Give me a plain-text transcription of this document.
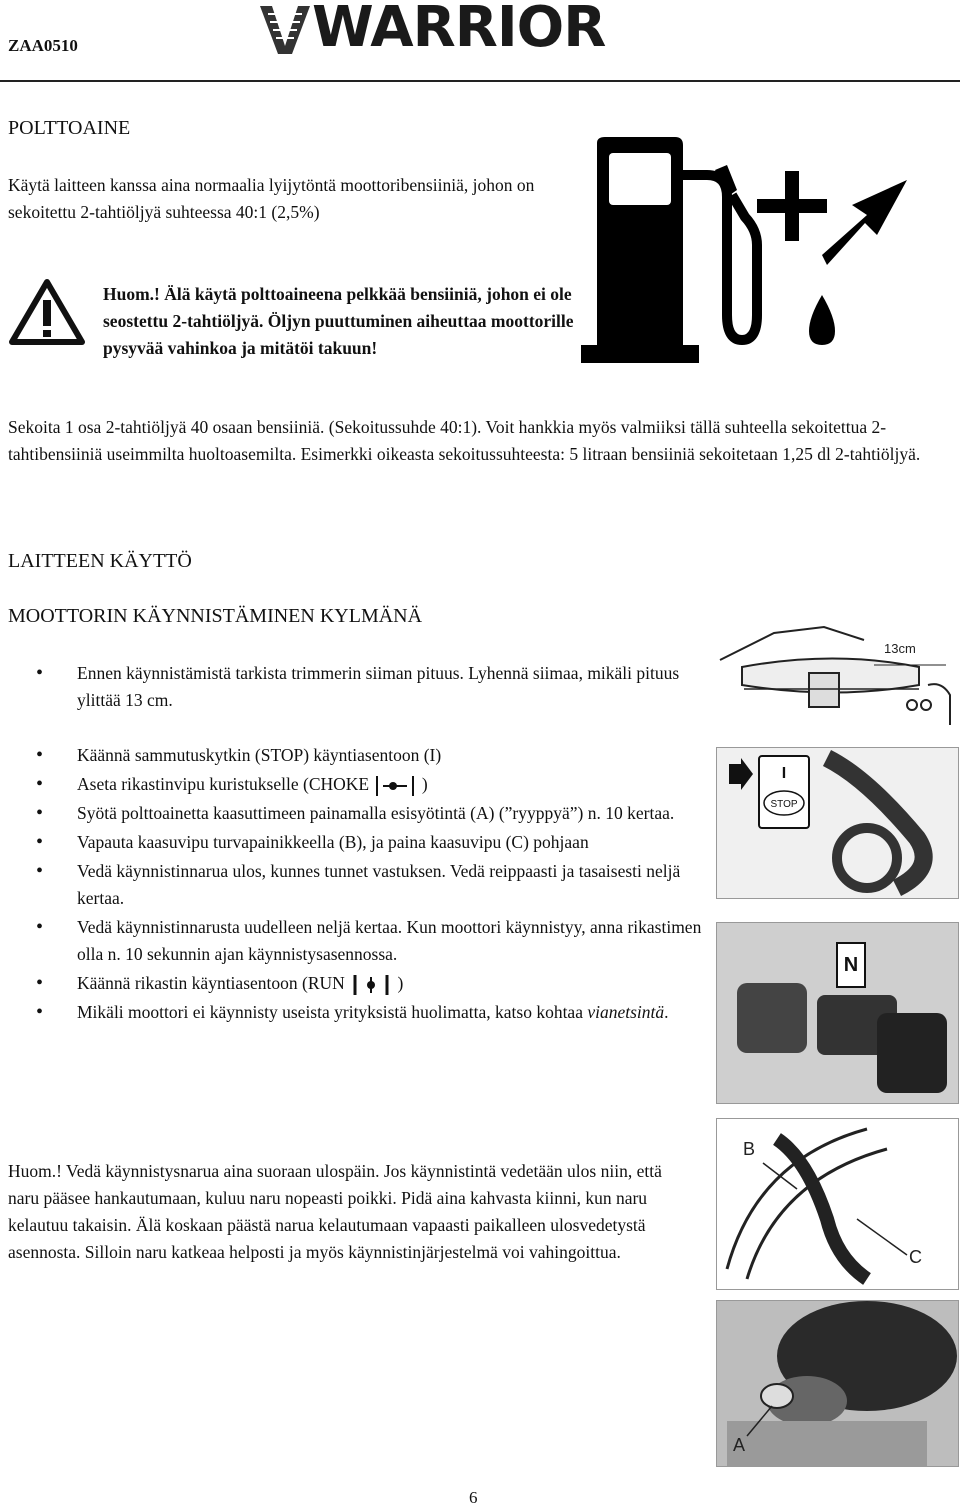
ZAA0510	WARRIOR
POLTTOAINE
Käytä laitteen kanssa aina normaalia lyijytöntä moottoribensiiniä, johon on sekoitettu 2-tahtiöljyä suhteessa 40:1 (2,5%)
Huom.! Älä käytä polttoaineena pelkkää bensiiniä, johon ei ole seostettu 2-tahtiöljyä. Öljyn puuttuminen aiheuttaa moottorille pysyvää vahinkoa ja mitätöi takuun!
Sekoita 1 osa 2-tahtiöljyä 40 osaan bensiiniä. (Sekoitussuhde 40:1). Voit hankkia myös valmiiksi tällä suhteella sekoitettua 2-tahtibensiiniä useimmilta huoltoasemilta. Esimerkki oikeasta sekoitussuhteesta: 5 litraan bensiiniä sekoitetaan 1,25 dl 2-tahtiöljyä.
LAITTEEN KÄYTTÖ
MOOTTORIN KÄYNNISTÄMINEN KYLMÄNÄ
• Ennen käynnistämistä tarkista trimmerin siiman pituus. Lyhennä siimaa, mikäli pituus ylittää 13 cm.
• Käännä sammutuskytkin (STOP) käyntiasentoon (I)
• Aseta rikastinvipu kuristukselle (CHOKE	)
• Syötä polttoainetta kaasuttimeen painamalla esisyötintä (A) (”ryyppyä”) n. 10 kertaa.
• Vapauta kaasuvipu turvapainikkeella (B), ja paina kaasuvipu (C) pohjaan
• Vedä käynnistinnarua ulos, kunnes tunnet vastuksen. Vedä reippaasti ja tasaisesti neljä kertaa.
• Vedä käynnistinnarusta uudelleen neljä kertaa. Kun moottori käynnistyy, anna rikastimen olla n. 10 sekunnin ajan käynnistysasennossa.
• Käännä rikastin käyntiasentoon (RUN	)
• Mikäli moottori ei käynnisty useista yrityksistä huolimatta, katso kohtaa vianetsintä.
Huom.! Vedä käynnistysnarua aina suoraan ulospäin. Jos käynnistintä vedetään ulos niin, että naru pääsee hankautumaan, kuluu naru nopeasti poikki. Pidä aina kahvasta kiinni, kun naru kelautuu takaisin. Älä koskaan päästä narua kelautumaan vapaasti paikalleen ulosvedetystä asennosta. Silloin naru katkeaa helposti ja myös käynnistinjärjestelmä voi vahingoittua.
13cm
I
STOP
N
B
C
A
6
